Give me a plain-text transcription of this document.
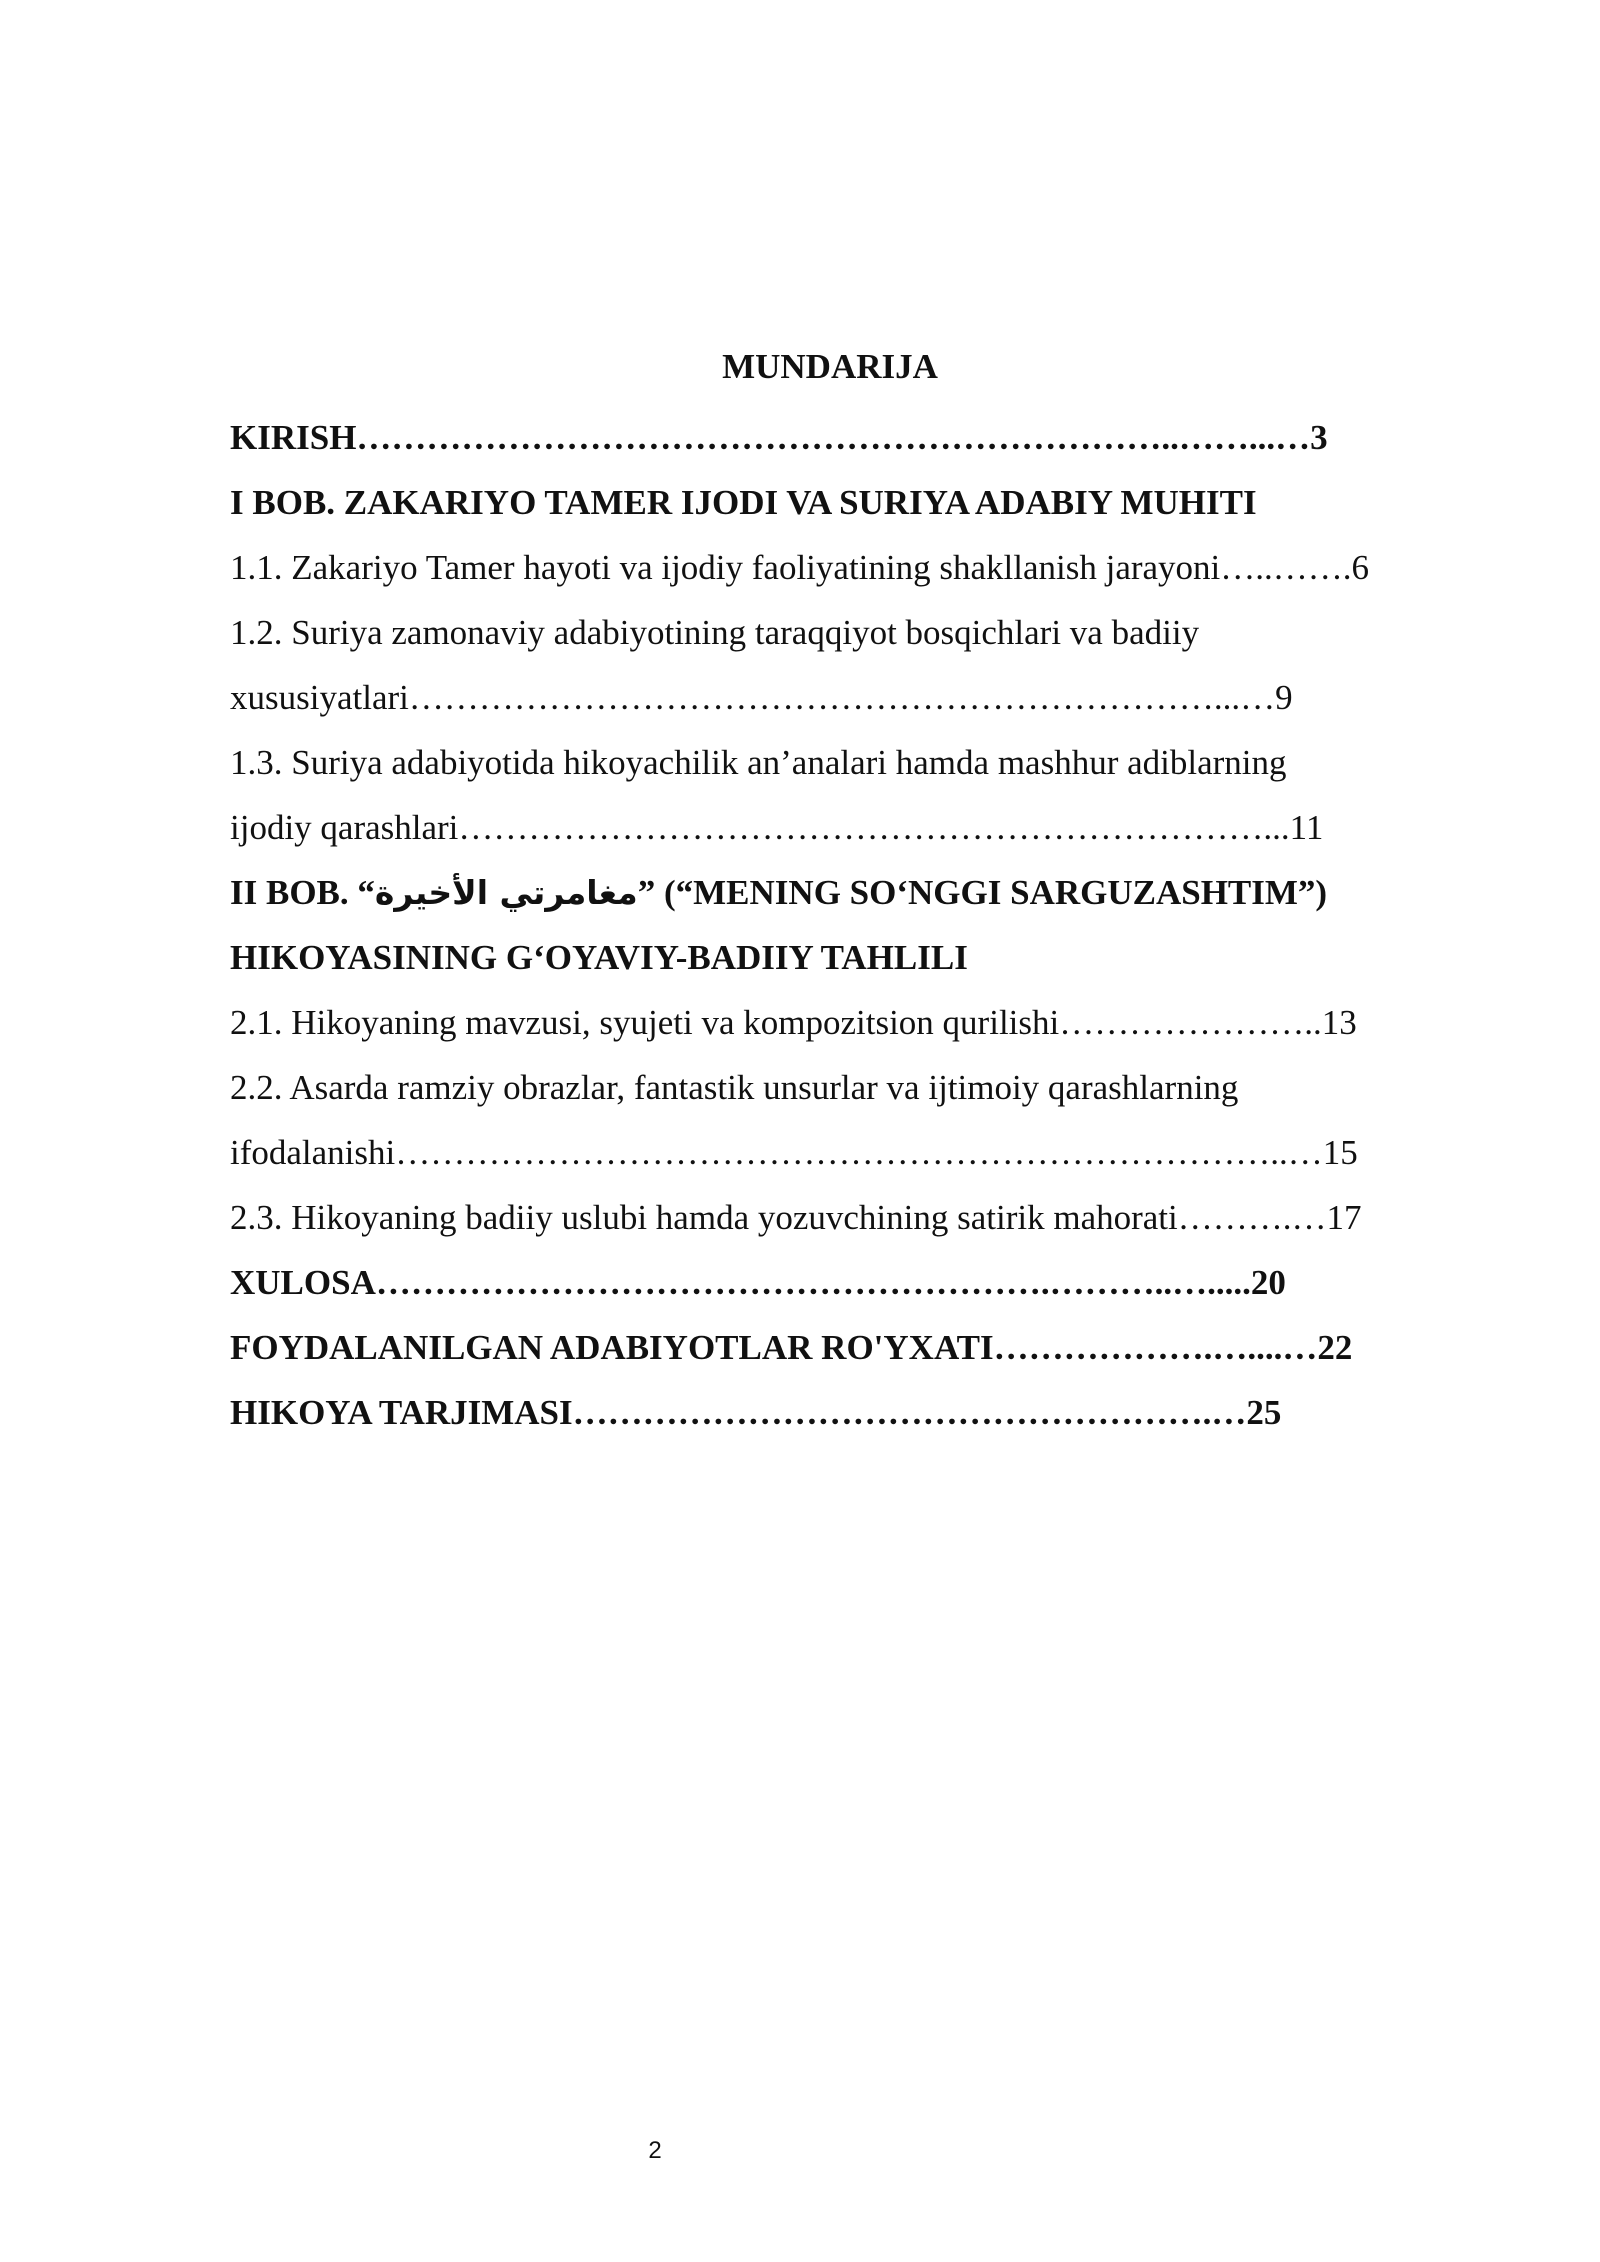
MUNDARIJA
KIRISH……………………………………………………………..……...…3
I BOB. ZAKARIYO TAMER IJODI VA SURIYA ADABIY MUHITI
1.1. Zakariyo Tamer hayoti va ijodiy faoliyatining shakllanish jarayoni…..…….6
1.2. Suriya zamonaviy adabiyotining taraqqiyot bosqichlari va badiiy
xususiyatlari……………………………………………………………...…9
1.3. Suriya adabiyotida hikoyachilik an’analari hamda mashhur adiblarning
ijodiy qarashlari……………………………………………………………...11
II BOB. “مغامرتي الأخيرة” (“MENING SO‘NGGI SARGUZASHTIM”)
HIKOYASINING G‘OYAVIY-BADIIY TAHLILI
2.1. Hikoyaning mavzusi, syujeti va kompozitsion qurilishi…………………..13
2.2. Asarda ramziy obrazlar, fantastik unsurlar va ijtimoiy qarashlarning
ifodalanishi…………………………………………………………………..…15
2.3. Hikoyaning badiiy uslubi hamda yozuvchining satirik mahorati……….…17
XULOSA………………………………………………….………..….....20
FOYDALANILGAN ADABIYOTLAR RO'YXATI……………….…....…22
HIKOYA TARJIMASI……………………………………………….…25
2
